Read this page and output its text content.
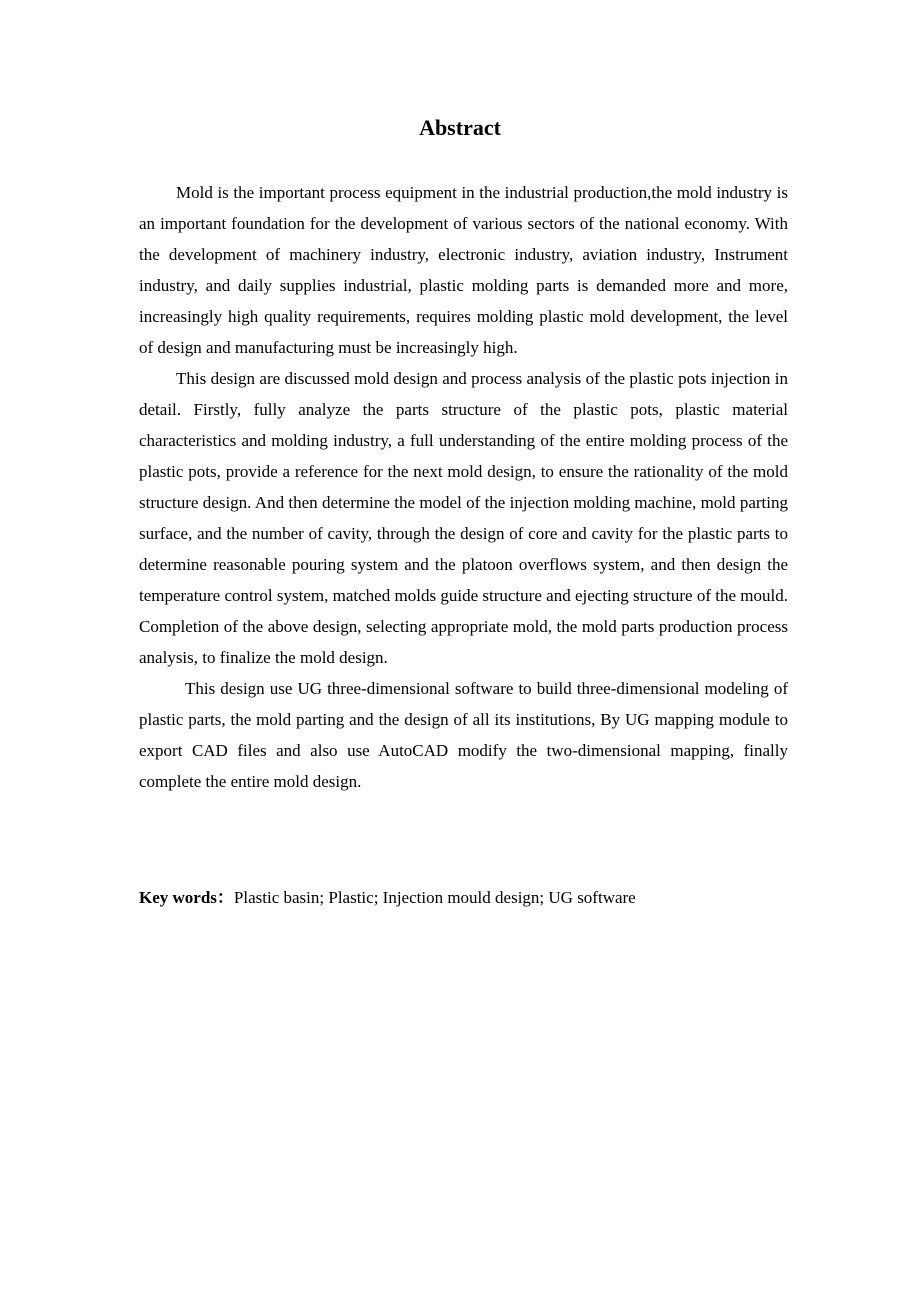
Abstract

Mold is the important process equipment in the industrial production,the mold industry is an important foundation for the development of various sectors of the national economy. With the development of machinery industry, electronic industry, aviation industry, Instrument industry, and daily supplies industrial, plastic molding parts is demanded more and more, increasingly high quality requirements, requires molding plastic mold development, the level of design and manufacturing must be increasingly high.

This design are discussed mold design and process analysis of the plastic pots injection in detail. Firstly, fully analyze the parts structure of the plastic pots, plastic material characteristics and molding industry, a full understanding of the entire molding process of the plastic pots, provide a reference for the next mold design, to ensure the rationality of the mold structure design. And then determine the model of the injection molding machine, mold parting surface, and the number of cavity, through the design of core and cavity for the plastic parts to determine reasonable pouring system and the platoon overflows system, and then design the temperature control system, matched molds guide structure and ejecting structure of the mould. Completion of the above design, selecting appropriate mold, the mold parts production process analysis, to finalize the mold design.

This design use UG three-dimensional software to build three-dimensional modeling of plastic parts, the mold parting and the design of all its institutions, By UG mapping module to export CAD files and also use AutoCAD modify the two-dimensional mapping, finally complete the entire mold design.

Key words：Plastic basin; Plastic; Injection mould design; UG software
